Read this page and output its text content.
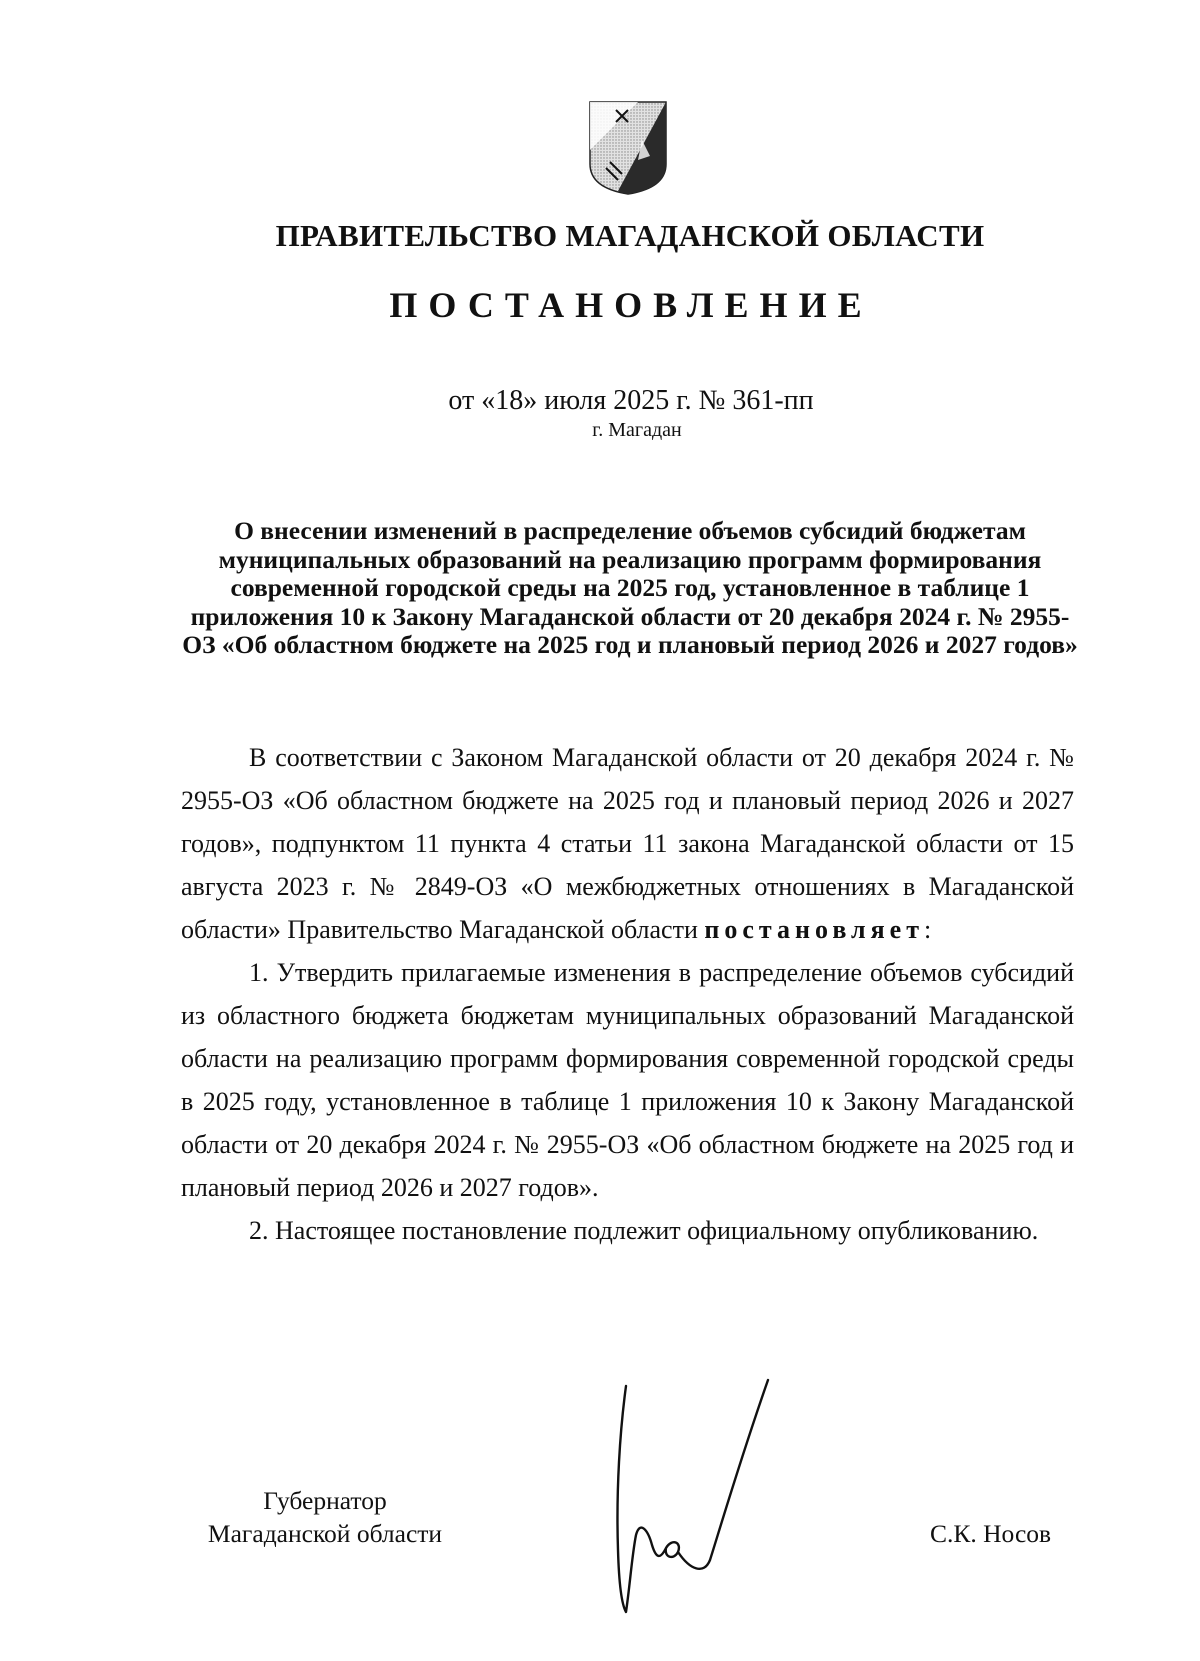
ПРАВИТЕЛЬСТВО МАГАДАНСКОЙ ОБЛАСТИ
ПОСТАНОВЛЕНИЕ
от «18» июля 2025 г. № 361-пп
г. Магадан
О внесении изменений в распределение объемов субсидий бюджетам муниципальных образований на реализацию программ формирования современной городской среды на 2025 год, установленное в таблице 1 приложения 10 к Закону Магаданской области от 20 декабря 2024 г. № 2955-ОЗ «Об областном бюджете на 2025 год и плановый период 2026 и 2027 годов»

В соответствии с Законом Магаданской области от 20 декабря 2024 г. № 2955-ОЗ «Об областном бюджете на 2025 год и плановый период 2026 и 2027 годов», подпунктом 11 пункта 4 статьи 11 закона Магаданской области от 15 августа 2023 г. № 2849-ОЗ «О межбюджетных отношениях в Магаданской области» Правительство Магаданской области постановляет:

1. Утвердить прилагаемые изменения в распределение объемов субсидий из областного бюджета бюджетам муниципальных образований Магаданской области на реализацию программ формирования современной городской среды в 2025 году, установленное в таблице 1 приложения 10 к Закону Магаданской области от 20 декабря 2024 г. № 2955-ОЗ «Об областном бюджете на 2025 год и плановый период 2026 и 2027 годов».

2. Настоящее постановление подлежит официальному опубликованию.

Губернатор
Магаданской области	С.К. Носов
